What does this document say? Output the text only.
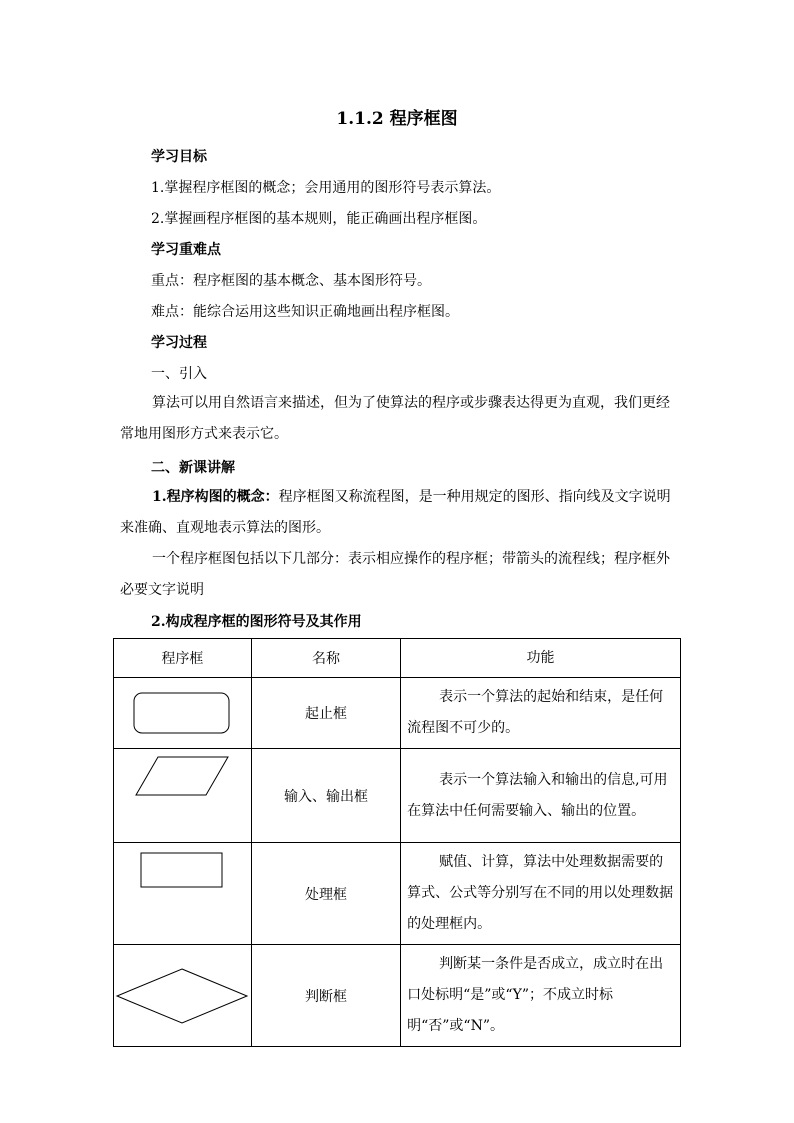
1.1.2 程序框图
学习目标
1.掌握程序框图的概念；会用通用的图形符号表示算法。
2.掌握画程序框图的基本规则，能正确画出程序框图。
学习重难点
重点：程序框图的基本概念、基本图形符号。
难点：能综合运用这些知识正确地画出程序框图。
学习过程
一、引入
算法可以用自然语言来描述，但为了使算法的程序或步骤表达得更为直观，我们更经常地用图形方式来表示它。
二、新课讲解
1.程序构图的概念：程序框图又称流程图，是一种用规定的图形、指向线及文字说明来准确、直观地表示算法的图形。
一个程序框图包括以下几部分：表示相应操作的程序框；带箭头的流程线；程序框外必要文字说明
2.构成程序框的图形符号及其作用
程序框	名称	功能

	起止框	表示一个算法的起始和结束，是任何流程图不可少的。

	输入、输出框	表示一个算法输入和输出的信息,可用在算法中任何需要输入、输出的位置。

	处理框	赋值、计算，算法中处理数据需要的算式、公式等分别写在不同的用以处理数据的处理框内。

	判断框	判断某一条件是否成立，成立时在出口处标明“是”或“Y”；不成立时标明“否”或“N”。
